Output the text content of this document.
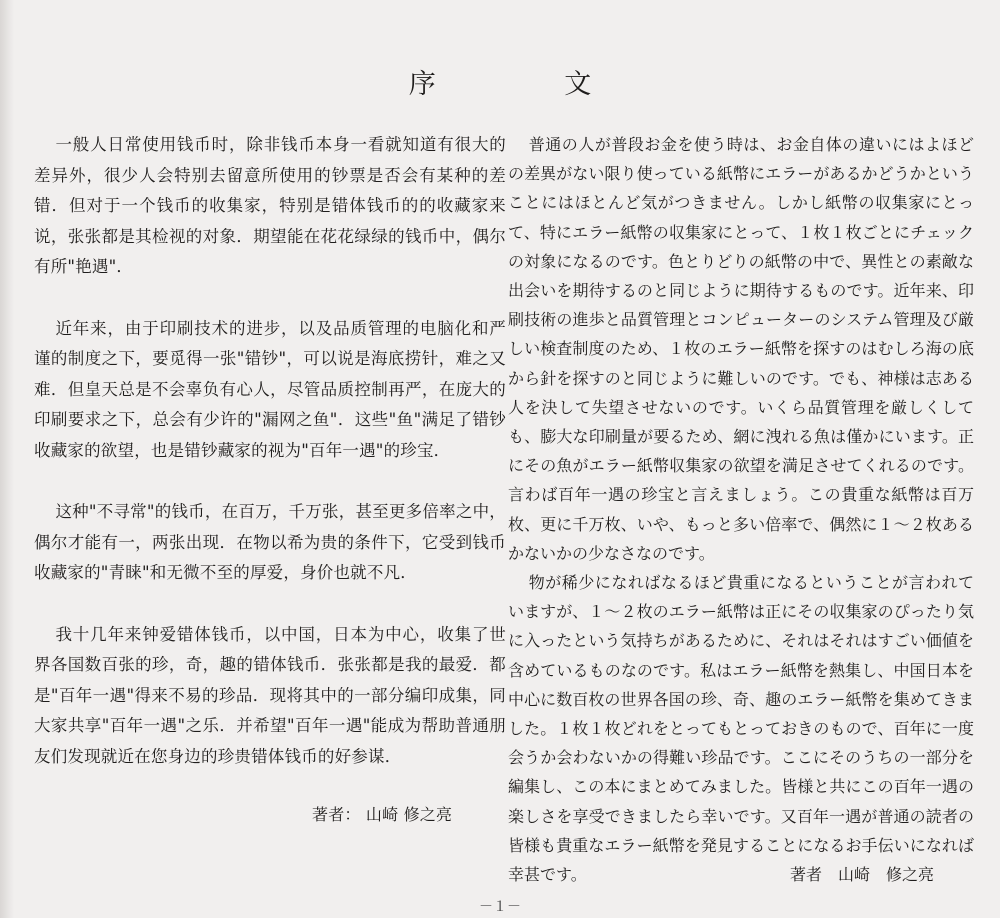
序 文

一般人日常使用钱币时，除非钱币本身一看就知道有很大的差异外，很少人会特别去留意所使用的钞票是否会有某种的差错．但对于一个钱币的收集家，特别是错体钱币的的收藏家来说，张张都是其检视的对象．期望能在花花绿绿的钱币中，偶尔有所"艳遇"．

近年来，由于印刷技术的进步，以及品质管理的电脑化和严谨的制度之下，要觅得一张"错钞"，可以说是海底捞针，难之又难．但皇天总是不会辜负有心人，尽管品质控制再严，在庞大的印刷要求之下，总会有少许的"漏网之鱼"．这些"鱼"满足了错钞收藏家的欲望，也是错钞藏家的视为"百年一遇"的珍宝．

这种"不寻常"的钱币，在百万，千万张，甚至更多倍率之中，偶尔才能有一，两张出现．在物以希为贵的条件下，它受到钱币收藏家的"青睐"和无微不至的厚爱，身价也就不凡．

我十几年来钟爱错体钱币，以中国，日本为中心，收集了世界各国数百张的珍，奇，趣的错体钱币．张张都是我的最爱．都是"百年一遇"得来不易的珍品．现将其中的一部分编印成集，同大家共享"百年一遇"之乐．并希望"百年一遇"能成为帮助普通朋友们发现就近在您身边的珍贵错体钱币的好参谋．

著者： 山崎 修之亮

普通の人が普段お金を使う時は、お金自体の違いにはよほどの差異がない限り使っている紙幣にエラーがあるかどうかということにはほとんど気がつきません。しかし紙幣の収集家にとって、特にエラー紙幣の収集家にとって、１枚１枚ごとにチェックの対象になるのです。色とりどりの紙幣の中で、異性との素敵な出会いを期待するのと同じように期待するものです。近年来、印刷技術の進歩と品質管理とコンピューターのシステム管理及び厳しい検査制度のため、１枚のエラー紙幣を探すのはむしろ海の底から針を探すのと同じように難しいのです。でも、神様は志ある人を決して失望させないのです。いくら品質管理を厳しくしても、膨大な印刷量が要るため、網に洩れる魚は僅かにいます。正にその魚がエラー紙幣収集家の欲望を満足させてくれるのです。言わば百年一遇の珍宝と言えましょう。この貴重な紙幣は百万枚、更に千万枚、いや、もっと多い倍率で、偶然に１～２枚あるかないかの少なさなのです。

物が稀少になればなるほど貴重になるということが言われていますが、１～２枚のエラー紙幣は正にその収集家のぴったり気に入ったという気持ちがあるために、それはそれはすごい価値を含めているものなのです。私はエラー紙幣を熱集し、中国日本を中心に数百枚の世界各国の珍、奇、趣のエラー紙幣を集めてきました。１枚１枚どれをとってもとっておきのもので、百年に一度会うか会わないかの得難い珍品です。ここにそのうちの一部分を編集し、この本にまとめてみました。皆様と共にこの百年一遇の楽しさを享受できましたら幸いです。又百年一遇が普通の読者の皆様も貴重なエラー紙幣を発見することになるお手伝いになれば幸甚です。	著者　山崎　修之亮
－１－
